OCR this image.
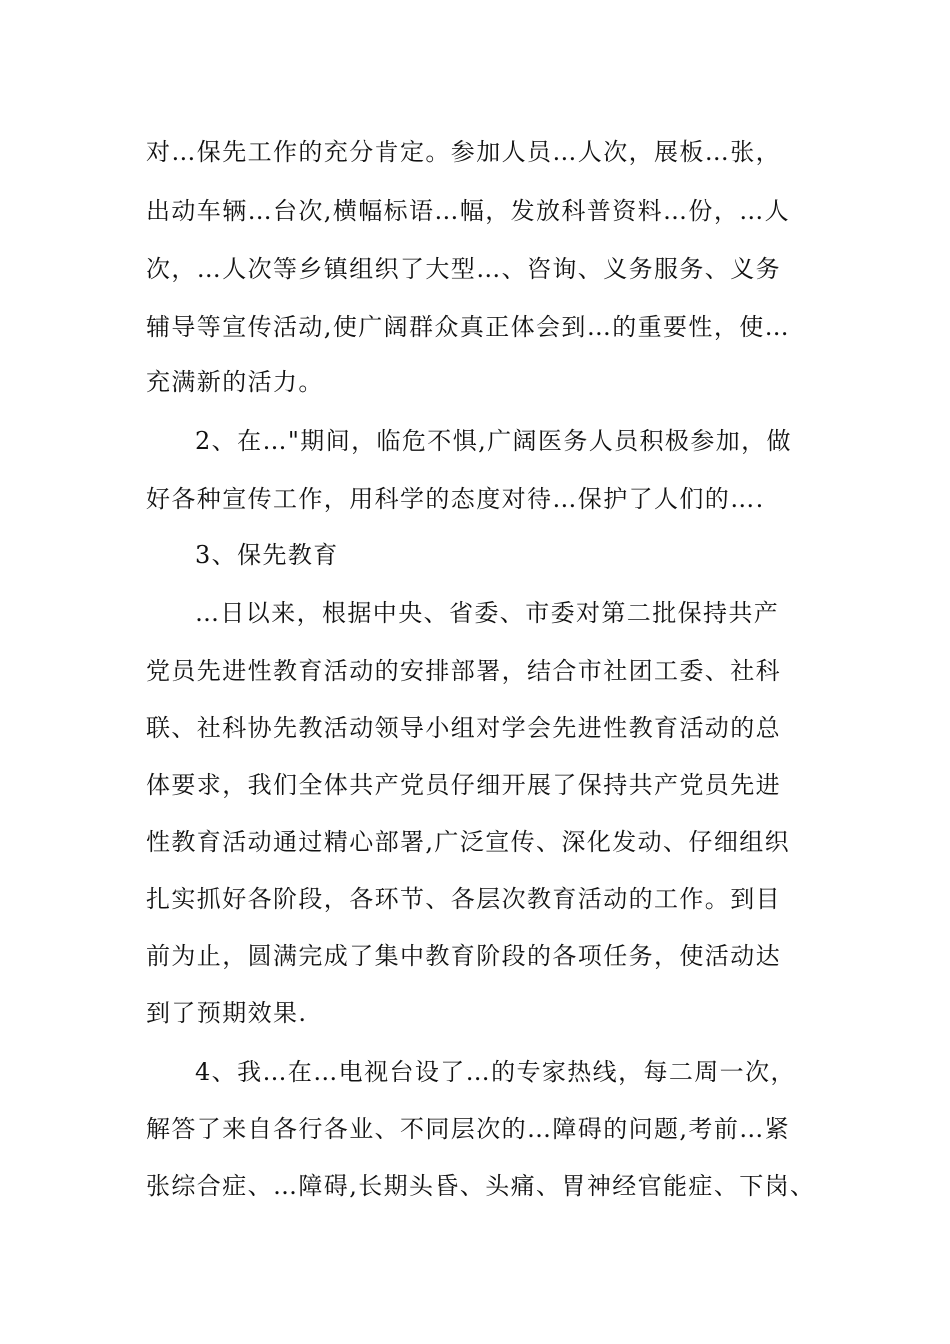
对…保先工作的充分肯定。参加人员…人次，展板…张，
出动车辆…台次,横幅标语…幅，发放科普资料…份，…人
次，…人次等乡镇组织了大型…、咨询、义务服务、义务
辅导等宣传活动,使广阔群众真正体会到…的重要性，使…
充满新的活力。
2、在…"期间，临危不惧,广阔医务人员积极参加，做
好各种宣传工作，用科学的态度对待…保护了人们的….
3、保先教育
…日以来，根据中央、省委、市委对第二批保持共产
党员先进性教育活动的安排部署，结合市社团工委、社科
联、社科协先教活动领导小组对学会先进性教育活动的总
体要求，我们全体共产党员仔细开展了保持共产党员先进
性教育活动通过精心部署,广泛宣传、深化发动、仔细组织
扎实抓好各阶段，各环节、各层次教育活动的工作。到目
前为止，圆满完成了集中教育阶段的各项任务，使活动达
到了预期效果.
4、我…在…电视台设了…的专家热线，每二周一次，
解答了来自各行各业、不同层次的…障碍的问题,考前…紧
张综合症、…障碍,长期头昏、头痛、胃神经官能症、下岗、
